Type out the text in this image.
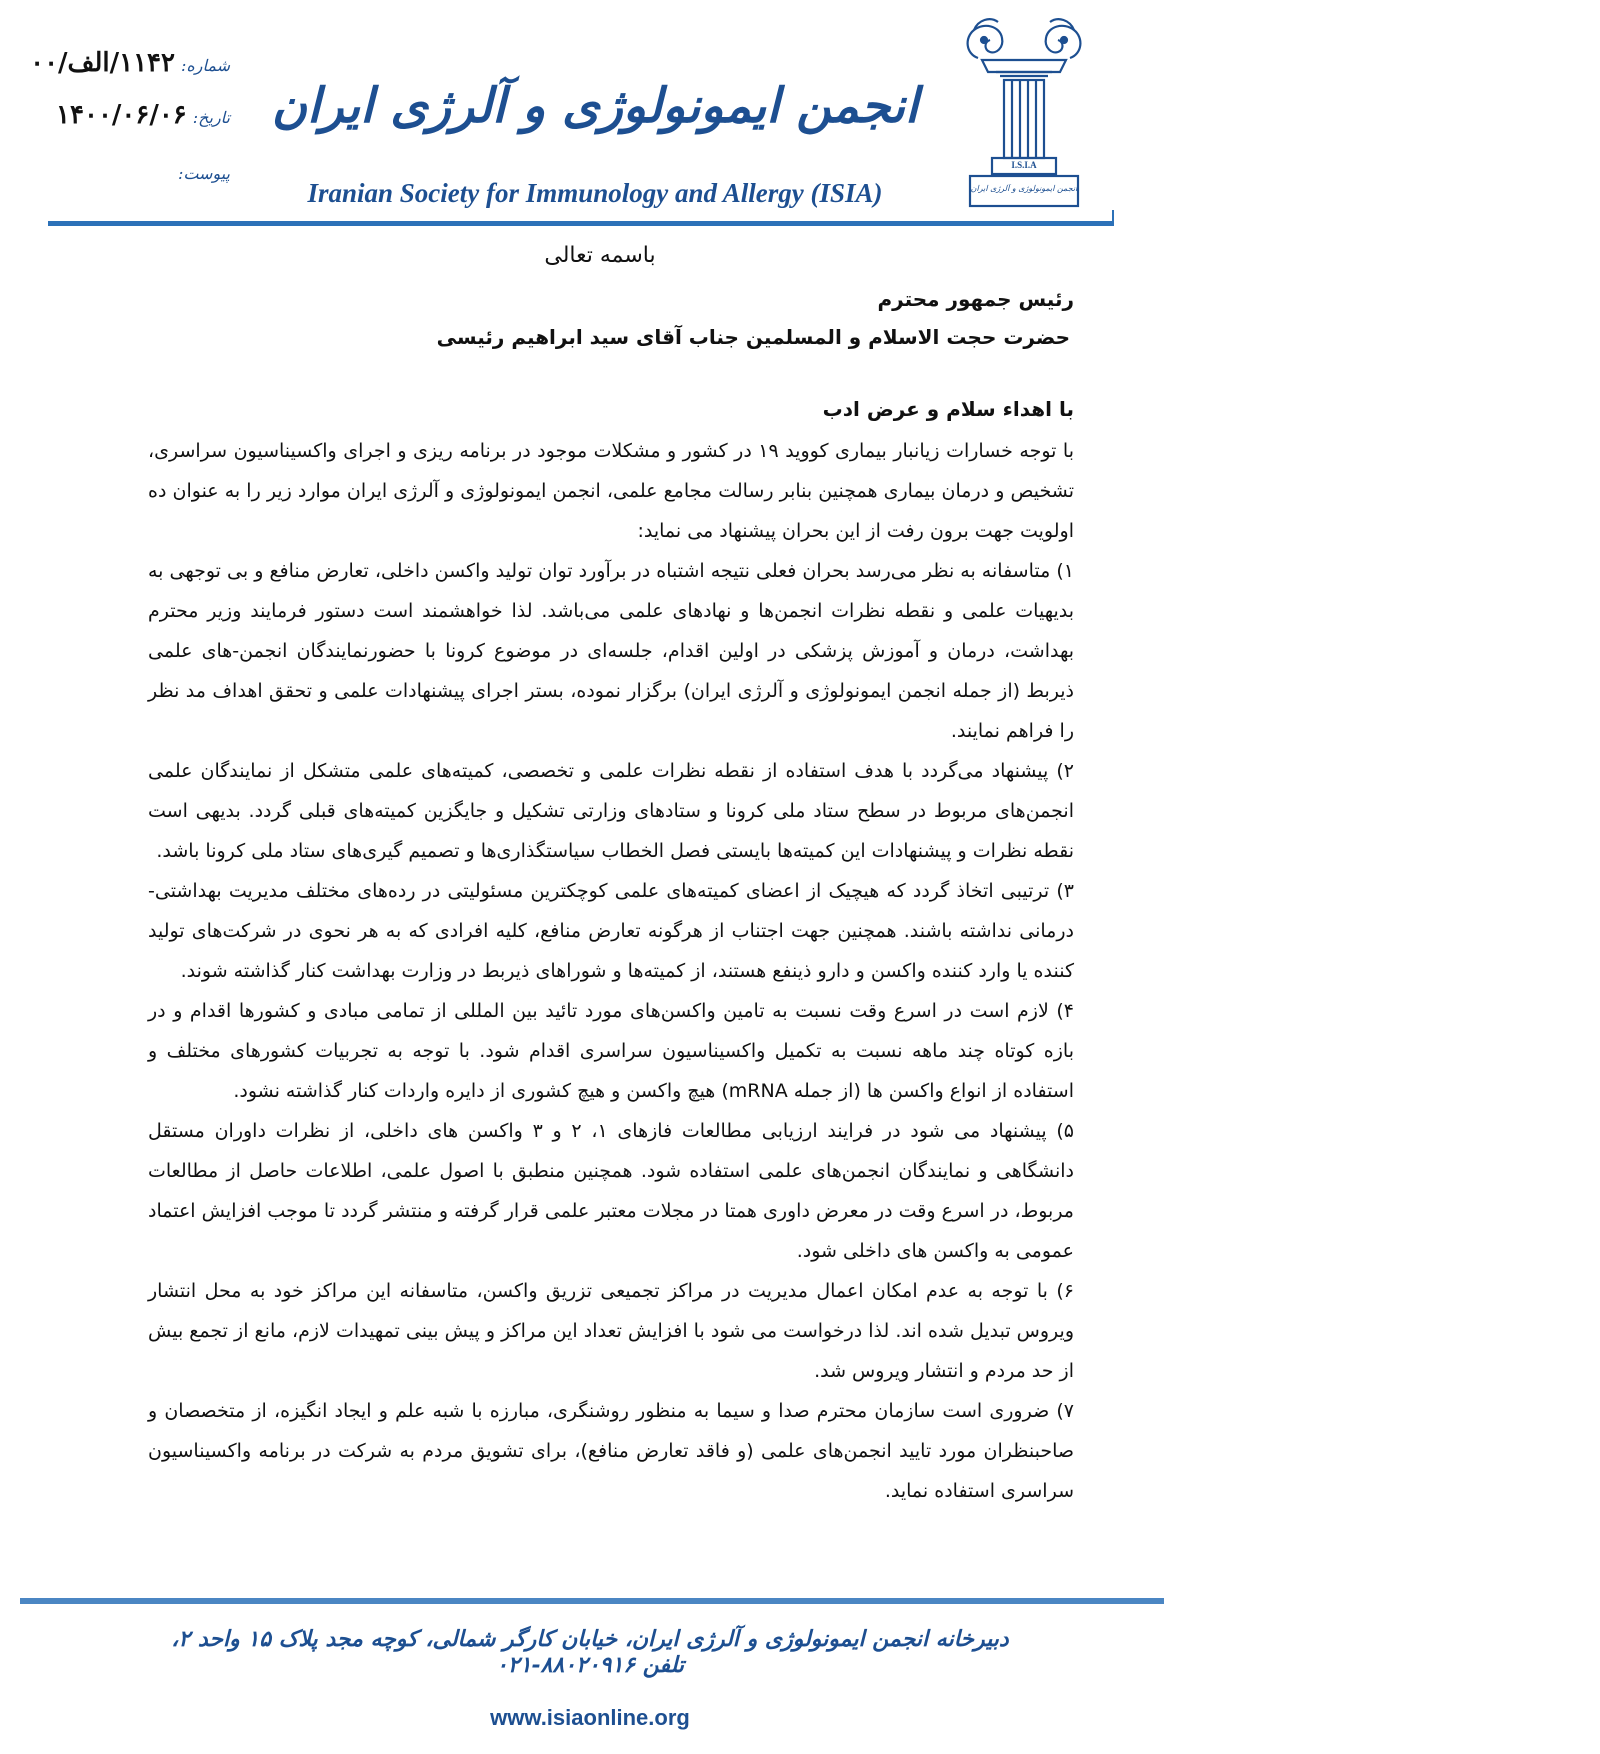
I.S.I.A
انجمن ایمونولوژی و آلرژی ایران
انجمن ایمونولوژی و آلرژی ایران
Iranian Society for Immunology and Allergy (ISIA)
شماره:۱۱۴۲/الف/۰۰
تاریخ:۱۴۰۰/۰۶/۰۶
پیوست:
باسمه تعالی
رئیس جمهور محترم
حضرت حجت الاسلام و المسلمین جناب آقای سید ابراهیم رئیسی
با اهداء سلام و عرض ادب

با توجه خسارات زیانبار بیماری کووید ۱۹ در کشور و مشکلات موجود در برنامه ریزی و اجرای واکسیناسیون سراسری، تشخیص و درمان بیماری همچنین بنابر رسالت مجامع علمی، انجمن ایمونولوژی و آلرژی ایران موارد زیر را به عنوان ده اولویت جهت برون رفت از این بحران پیشنهاد می نماید:

۱) متاسفانه به نظر می‌رسد بحران فعلی نتیجه اشتباه در برآورد توان تولید واکسن داخلی، تعارض منافع و بی توجهی به بدیهیات علمی و نقطه نظرات انجمن‌ها و نهادهای علمی می‌باشد. لذا خواهشمند است دستور فرمایند وزیر محترم بهداشت، درمان و آموزش پزشکی در اولین اقدام، جلسه‌ای در موضوع کرونا با حضورنمایندگان انجمن-های علمی ذیربط (از جمله انجمن ایمونولوژی و آلرژی ایران) برگزار نموده، بستر اجرای پیشنهادات علمی و تحقق اهداف مد نظر را فراهم نمایند.

۲) پیشنهاد می‌گردد با هدف استفاده از نقطه نظرات علمی و تخصصی، کمیته‌های علمی متشکل از نمایندگان علمی انجمن‌های مربوط در سطح ستاد ملی کرونا و ستادهای وزارتی تشکیل و جایگزین کمیته‌های قبلی گردد. بدیهی است نقطه نظرات و پیشنهادات این کمیته‌ها بایستی فصل الخطاب سیاستگذاری‌ها و تصمیم گیری‌های ستاد ملی کرونا باشد.

۳) ترتیبی اتخاذ گردد که هیچیک از اعضای کمیته‌های علمی کوچکترین مسئولیتی در رده‌های مختلف مدیریت بهداشتی- درمانی نداشته باشند. همچنین جهت اجتناب از هرگونه تعارض منافع، کلیه افرادی که به هر نحوی در شرکت‌های تولید کننده یا وارد کننده واکسن و دارو ذینفع هستند، از کمیته‌ها و شوراهای ذیربط در وزارت بهداشت کنار گذاشته شوند.

۴) لازم است در اسرع وقت نسبت به تامین واکسن‌های مورد تائید بین المللی از تمامی مبادی و کشورها اقدام و در بازه کوتاه چند ماهه نسبت به تکمیل واکسیناسیون سراسری اقدام شود. با توجه به تجربیات کشورهای مختلف و استفاده از انواع واکسن ها (از جمله mRNA) هیچ واکسن و هیچ کشوری از دایره واردات کنار گذاشته نشود.

۵) پیشنهاد می شود در فرایند ارزیابی مطالعات فازهای ۱، ۲ و ۳ واکسن های داخلی، از نظرات داوران مستقل دانشگاهی و نمایندگان انجمن‌های علمی استفاده شود. همچنین منطبق با اصول علمی، اطلاعات حاصل از مطالعات مربوط، در اسرع وقت در معرض داوری همتا در مجلات معتبر علمی قرار گرفته و منتشر گردد تا موجب افزایش اعتماد عمومی به واکسن های داخلی شود.

۶) با توجه به عدم امکان اعمال مدیریت در مراکز تجمیعی تزریق واکسن، متاسفانه این مراکز خود به محل انتشار ویروس تبدیل شده اند. لذا درخواست می شود با افزایش تعداد این مراکز و پیش بینی تمهیدات لازم، مانع از تجمع بیش از حد مردم و انتشار ویروس شد.

۷) ضروری است سازمان محترم صدا و سیما به منظور روشنگری، مبارزه با شبه علم و ایجاد انگیزه، از متخصصان و صاحبنظران مورد تایید انجمن‌های علمی (و فاقد تعارض منافع)، برای تشویق مردم به شرکت در برنامه واکسیناسیون سراسری استفاده نماید.

دبیرخانه انجمن ایمونولوژی و آلرژی ایران، خیابان کارگر شمالی، کوچه مجد پلاک ۱۵ واحد ۲، تلفن ۸۸۰۲۰۹۱۶-۰۲۱
www.isiaonline.org
